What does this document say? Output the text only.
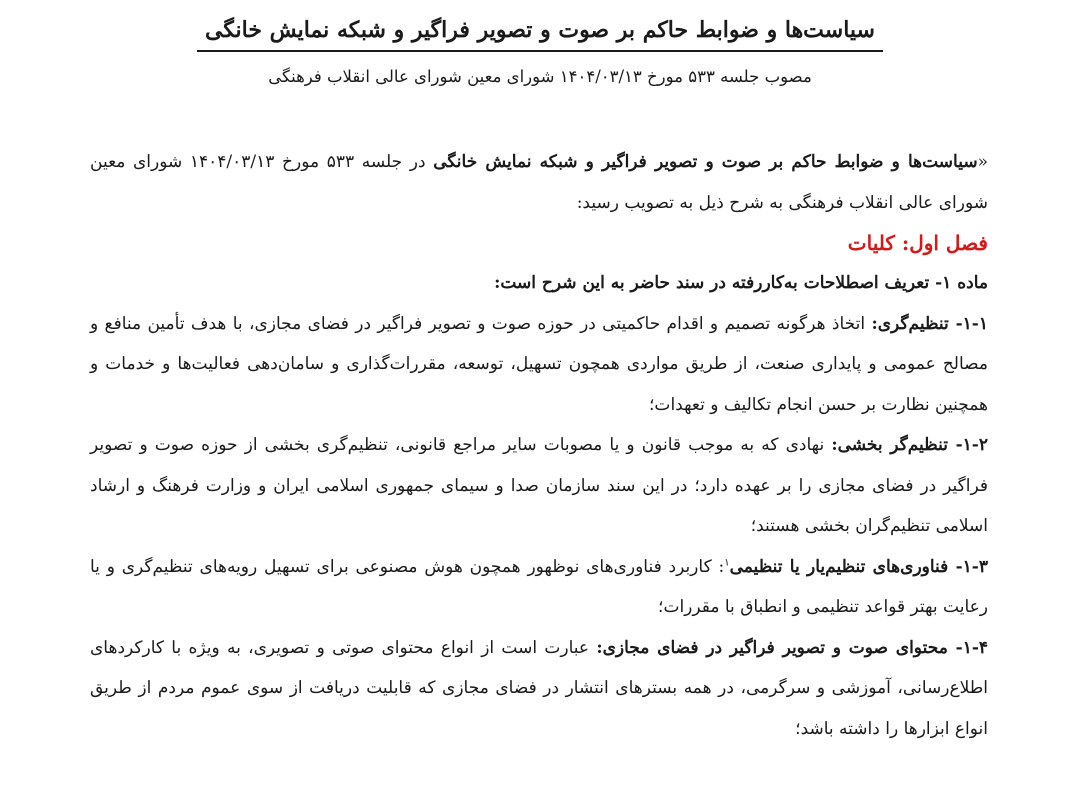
سیاست‌ها و ضوابط حاکم بر صوت و تصویر فراگیر و شبکه نمایش خانگی
مصوب جلسه ۵۳۳ مورخ ۱۴۰۴/۰۳/۱۳ شورای معین شورای عالی انقلاب فرهنگی

«سیاست‌ها و ضوابط حاکم بر صوت و تصویر فراگیر و شبکه نمایش خانگی در جلسه ۵۳۳ مورخ ۱۴۰۴/۰۳/۱۳ شورای معین شورای عالی انقلاب فرهنگی به شرح ذیل به تصویب رسید:

فصل اول: کلیات

ماده ۱- تعریف اصطلاحات به‌کاررفته در سند حاضر به این شرح است:

۱-۱- تنظیم‌گری: اتخاذ هرگونه تصمیم و اقدام حاکمیتی در حوزه صوت و تصویر فراگیر در فضای مجازی، با هدف تأمین منافع و مصالح عمومی و پایداری صنعت، از طریق مواردی همچون تسهیل، توسعه، مقررات‌گذاری و سامان‌دهی فعالیت‌ها و خدمات و همچنین نظارت بر حسن انجام تکالیف و تعهدات؛

۱-۲- تنظیم‌گر بخشی: نهادی که به موجب قانون و یا مصوبات سایر مراجع قانونی، تنظیم‌گری بخشی از حوزه صوت و تصویر فراگیر در فضای مجازی را بر عهده دارد؛ در این سند سازمان صدا و سیمای جمهوری اسلامی ایران و وزارت فرهنگ و ارشاد اسلامی تنظیم‌گران بخشی هستند؛

۱-۳- فناوری‌های تنظیم‌یار یا تنظیمی$^۱$: کاربرد فناوری‌های نوظهور همچون هوش مصنوعی برای تسهیل رویه‌های تنظیم‌گری و یا رعایت بهتر قواعد تنظیمی و انطباق با مقررات؛

۱-۴- محتوای صوت و تصویر فراگیر در فضای مجازی: عبارت است از انواع محتوای صوتی و تصویری، به ویژه با کارکردهای اطلاع‌رسانی، آموزشی و سرگرمی، در همه بسترهای انتشار در فضای مجازی که قابلیت دریافت از سوی عموم مردم از طریق انواع ابزارها را داشته باشد؛
